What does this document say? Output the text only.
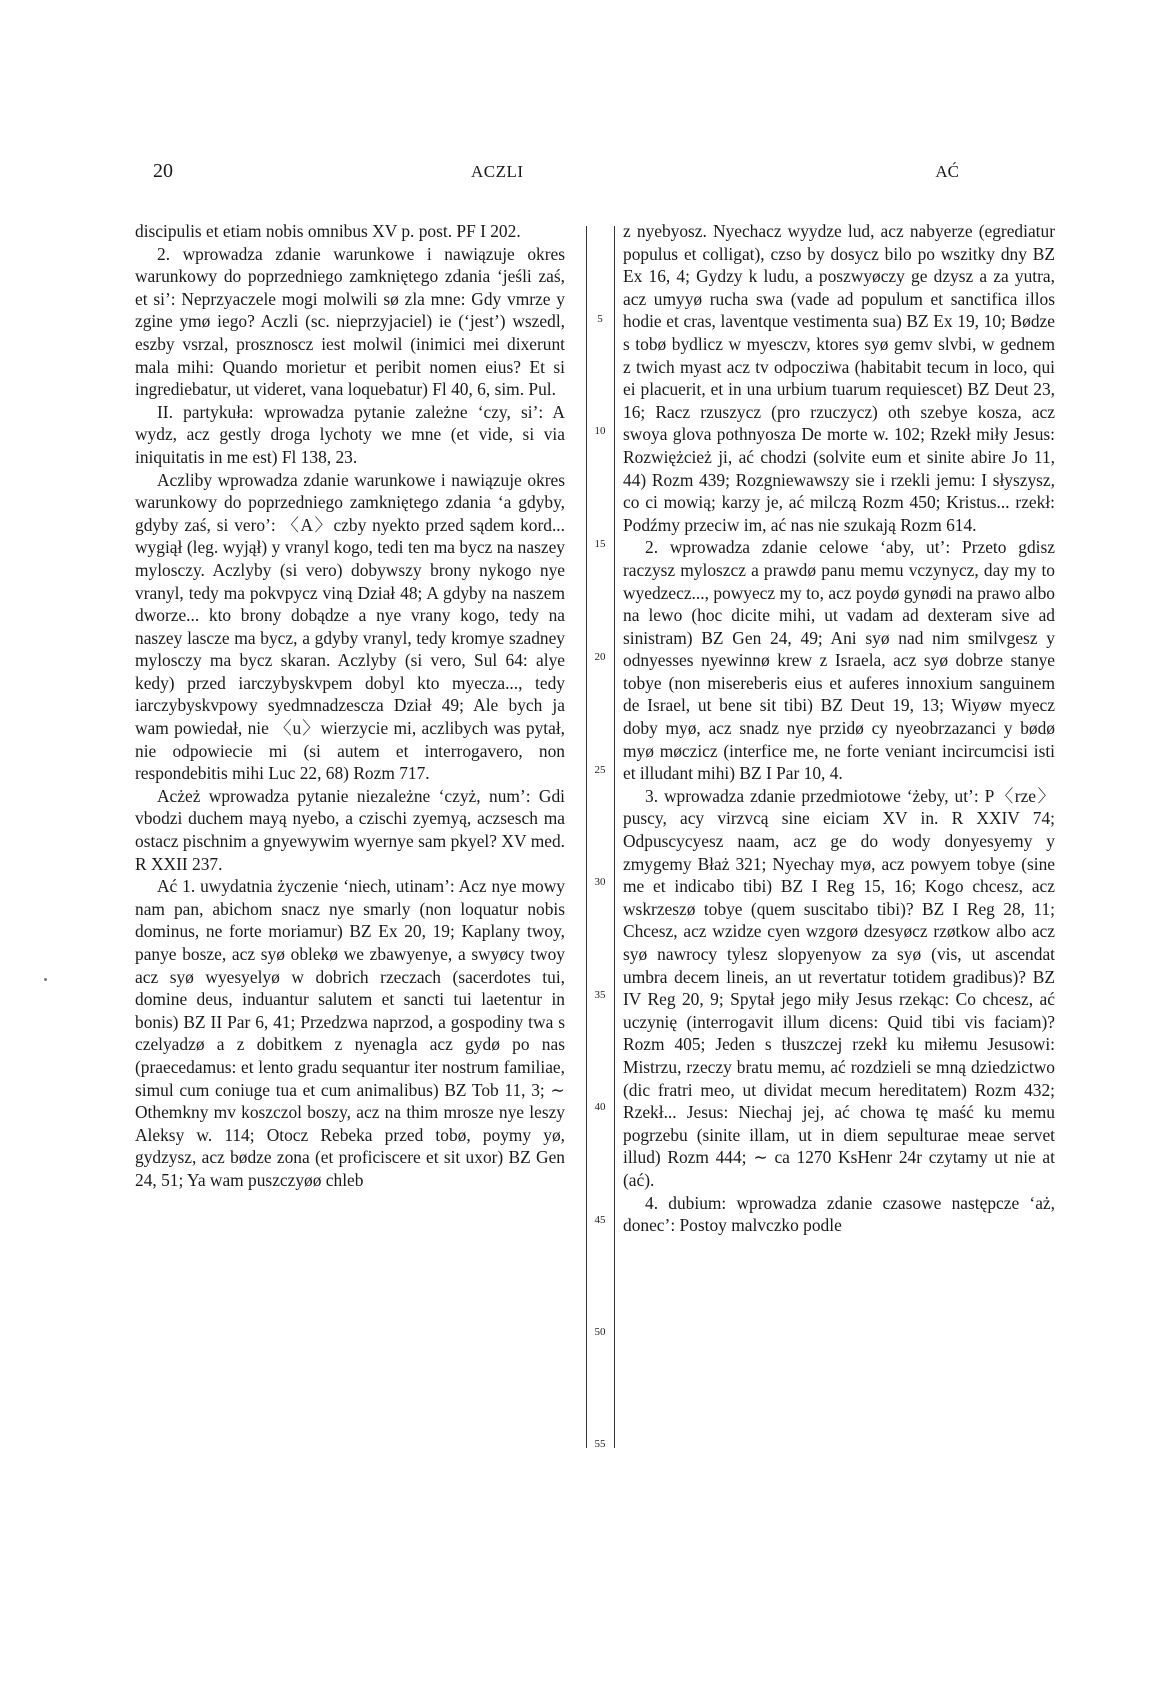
20	ACZLI	AĆ
5
10
15
20
25
30
35
40
45
50
55

discipulis et etiam nobis omnibus XV p. post. PF I 202.

2. wprowadza zdanie warunkowe i nawiązuje okres warunkowy do poprzedniego zamkniętego zdania ‘jeśli zaś, et si’: Neprzyaczele mogi molwili sø zla mne: Gdy vmrze y zgine ymø iego? Aczli (sc. nieprzyjaciel) ie (‘jest’) wszedl, eszby vsrzal, prosznoscz iest molwil (inimici mei dixerunt mala mihi: Quando morietur et peribit nomen eius? Et si ingrediebatur, ut videret, vana loquebatur) Fl 40, 6, sim. Pul.

II. partykuła: wprowadza pytanie zależne ‘czy, si’: A wydz, acz gestly droga lychoty we mne (et vide, si via iniquitatis in me est) Fl 138, 23.

Aczliby wprowadza zdanie warunkowe i nawiązuje okres warunkowy do poprzedniego zamkniętego zdania ‘a gdyby, gdyby zaś, si vero’: 〈A〉czby nyekto przed sądem kord... wygiął (leg. wyjął) y vranyl kogo, tedi ten ma bycz na naszey mylosczy. Aczlyby (si vero) dobywszy brony nykogo nye vranyl, tedy ma pokvpycz viną Dział 48; A gdyby na naszem dworze... kto brony dobądze a nye vrany kogo, tedy na naszey lascze ma bycz, a gdyby vranyl, tedy kromye szadney mylosczy ma bycz skaran. Aczlyby (si vero, Sul 64: alye kedy) przed iarczybyskvpem dobyl kto myecza..., tedy iarczybyskvpowy syedmnadzescza Dział 49; Ale bych ja wam powiedał, nie 〈u〉wierzycie mi, aczlibych was pytał, nie odpowiecie mi (si autem et interrogavero, non respondebitis mihi Luc 22, 68) Rozm 717.

Acżeż wprowadza pytanie niezależne ‘czyż, num’: Gdi vbodzi duchem mayą nyebo, a czischi zyemyą, aczsesch ma ostacz pischnim a gnyewywim wyernye sam pkyel? XV med. R XXII 237.

Ać 1. uwydatnia życzenie ‘niech, utinam’: Acz nye mowy nam pan, abichom snacz nye smarly (non loquatur nobis dominus, ne forte moriamur) BZ Ex 20, 19; Kaplany twoy, panye bosze, acz syø oblekø we zbawyenye, a swyøcy twoy acz syø wyesyelyø w dobrich rzeczach (sacerdotes tui, domine deus, induantur salutem et sancti tui laetentur in bonis) BZ II Par 6, 41; Przedzwa naprzod, a gospodiny twa s czelyadzø a z dobitkem z nyenagla acz gydø po nas (praecedamus: et lento gradu sequantur iter nostrum familiae, simul cum coniuge tua et cum animalibus) BZ Tob 11, 3; ∼ Othemkny mv koszczol boszy, acz na thim mrosze nye leszy Aleksy w. 114; Otocz Rebeka przed tobø, poymy yø, gydzysz, acz bødze zona (et proficiscere et sit uxor) BZ Gen 24, 51; Ya wam puszczyøø chleb

z nyebyosz. Nyechacz wyydze lud, acz nabyerze (egrediatur populus et colligat), czso by dosycz bilo po wszitky dny BZ Ex 16, 4; Gydzy k ludu, a poszwyøczy ge dzysz a za yutra, acz umyyø rucha swa (vade ad populum et sanctifica illos hodie et cras, laventque vestimenta sua) BZ Ex 19, 10; Bødze s tobø bydlicz w myesczv, ktores syø gemv slvbi, w gednem z twich myast acz tv odpocziwa (habitabit tecum in loco, qui ei placuerit, et in una urbium tuarum requiescet) BZ Deut 23, 16; Racz rzuszycz (pro rzuczycz) oth szebye kosza, acz swoya glova pothnyosza De morte w. 102; Rzekł miły Jesus: Rozwiężcież ji, ać chodzi (solvite eum et sinite abire Jo 11, 44) Rozm 439; Rozgniewawszy sie i rzekli jemu: I słyszysz, co ci mowią; karzy je, ać milczą Rozm 450; Kristus... rzekł: Podźmy przeciw im, ać nas nie szukają Rozm 614.

2. wprowadza zdanie celowe ‘aby, ut’: Przeto gdisz raczysz myloszcz a prawdø panu memu vczynycz, day my to wyedzecz..., powyecz my to, acz poydø gynødi na prawo albo na lewo (hoc dicite mihi, ut vadam ad dexteram sive ad sinistram) BZ Gen 24, 49; Ani syø nad nim smilvgesz y odnyesses nyewinnø krew z Israela, acz syø dobrze stanye tobye (non misereberis eius et auferes innoxium sanguinem de Israel, ut bene sit tibi) BZ Deut 19, 13; Wiyøw myecz doby myø, acz snadz nye przidø cy nyeobrzazanci y bødø myø møczicz (interfice me, ne forte veniant incircumcisi isti et illudant mihi) BZ I Par 10, 4.

3. wprowadza zdanie przedmiotowe ‘żeby, ut’: P〈rze〉puscy, acy virzvcą sine eiciam XV in. R XXIV 74; Odpuscycyesz naam, acz ge do wody donyesyemy y zmygemy Błaż 321; Nyechay myø, acz powyem tobye (sine me et indicabo tibi) BZ I Reg 15, 16; Kogo chcesz, acz wskrzeszø tobye (quem suscitabo tibi)? BZ I Reg 28, 11; Chcesz, acz wzidze cyen wzgorø dzesyøcz rzøtkow albo acz syø nawrocy tylesz slopyenyow za syø (vis, ut ascendat umbra decem lineis, an ut revertatur totidem gradibus)? BZ IV Reg 20, 9; Spytał jego miły Jesus rzekąc: Co chcesz, ać uczynię (interrogavit illum dicens: Quid tibi vis faciam)? Rozm 405; Jeden s tłuszczej rzekł ku miłemu Jesusowi: Mistrzu, rzeczy bratu memu, ać rozdzieli se mną dziedzictwo (dic fratri meo, ut dividat mecum hereditatem) Rozm 432; Rzekł... Jesus: Niechaj jej, ać chowa tę maść ku memu pogrzebu (sinite illam, ut in diem sepulturae meae servet illud) Rozm 444; ∼ ca 1270 KsHenr 24r czytamy ut nie at (ać).

4. dubium: wprowadza zdanie czasowe następcze ‘aż, donec’: Postoy malvczko podle
